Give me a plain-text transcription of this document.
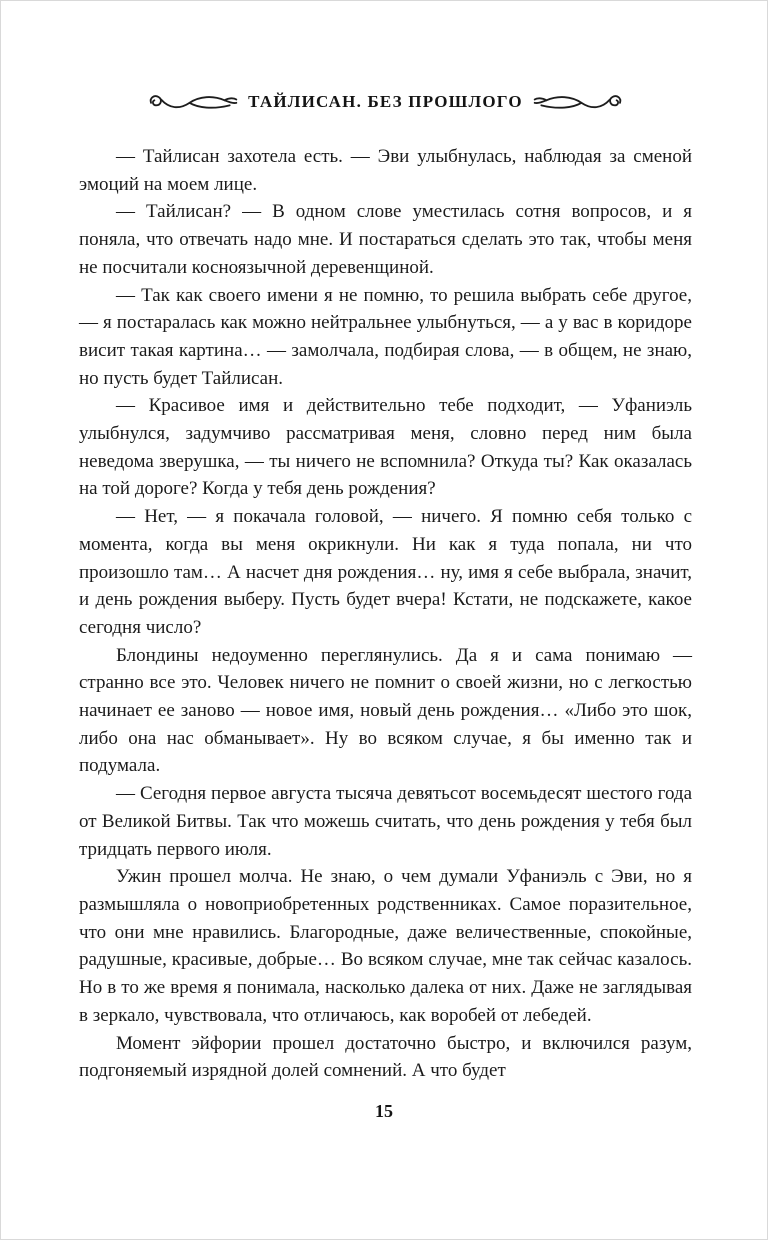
ТАЙЛИСАН. БЕЗ ПРОШЛОГО

— Тайлисан захотела есть. — Эви улыбнулась, наблюдая за сменой эмоций на моем лице.

— Тайлисан? — В одном слове уместилась сотня вопросов, и я поняла, что отвечать надо мне. И постараться сделать это так, чтобы меня не посчитали косноязычной деревенщиной.

— Так как своего имени я не помню, то решила выбрать себе другое, — я постаралась как можно нейтральнее улыбнуться, — а у вас в коридоре висит такая картина… — замолчала, подбирая слова, — в общем, не знаю, но пусть будет Тайлисан.

— Красивое имя и действительно тебе подходит, — Уфаниэль улыбнулся, задумчиво рассматривая меня, словно перед ним была неведома зверушка, — ты ничего не вспомнила? Откуда ты? Как оказалась на той дороге? Когда у тебя день рождения?

— Нет, — я покачала головой, — ничего. Я помню себя только с момента, когда вы меня окрикнули. Ни как я туда попала, ни что произошло там… А насчет дня рождения… ну, имя я себе выбрала, значит, и день рождения выберу. Пусть будет вчера! Кстати, не подскажете, какое сегодня число?

Блондины недоуменно переглянулись. Да я и сама понимаю — странно все это. Человек ничего не помнит о своей жизни, но с легкостью начинает ее заново — новое имя, новый день рождения… «Либо это шок, либо она нас обманывает». Ну во всяком случае, я бы именно так и подумала.

— Сегодня первое августа тысяча девятьсот восемьдесят шестого года от Великой Битвы. Так что можешь считать, что день рождения у тебя был тридцать первого июля.

Ужин прошел молча. Не знаю, о чем думали Уфаниэль с Эви, но я размышляла о новоприобретенных родственниках. Самое поразительное, что они мне нравились. Благородные, даже величественные, спокойные, радушные, красивые, добрые… Во всяком случае, мне так сейчас казалось. Но в то же время я понимала, насколько далека от них. Даже не заглядывая в зеркало, чувствовала, что отличаюсь, как воробей от лебедей.

Момент эйфории прошел достаточно быстро, и включился разум, подгоняемый изрядной долей сомнений. А что будет

15
